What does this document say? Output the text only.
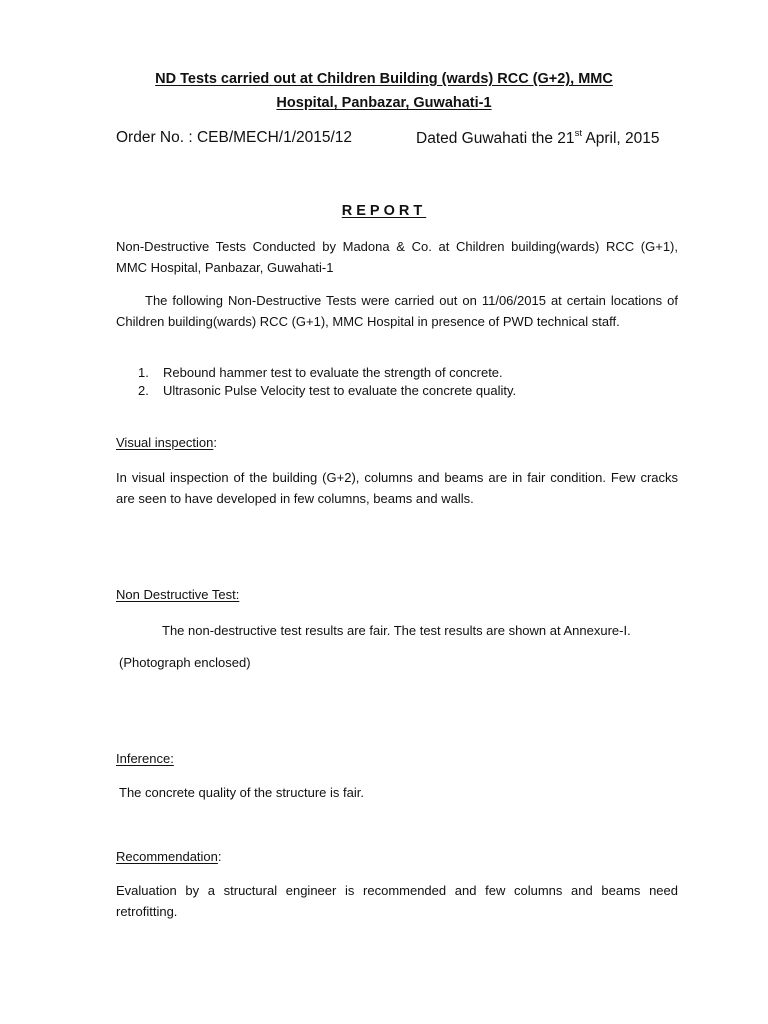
ND Tests carried out at Children Building (wards) RCC (G+2), MMC
Hospital, Panbazar, Guwahati-1
Order No. : CEB/MECH/1/2015/12	Dated Guwahati the 21st April, 2015
REPORT
Non-Destructive Tests Conducted by Madona & Co. at Children building(wards) RCC (G+1), MMC Hospital, Panbazar, Guwahati-1
The following Non-Destructive Tests were carried out on 11/06/2015 at certain locations of Children building(wards) RCC (G+1), MMC Hospital in presence of PWD technical staff.
1. Rebound hammer test to evaluate the strength of concrete.
2. Ultrasonic Pulse Velocity test to evaluate the concrete quality.
Visual inspection:
In visual inspection of the building (G+2), columns and beams are in fair condition. Few cracks are seen to have developed in few columns, beams and walls.
Non Destructive Test:
The non-destructive test results are fair. The test results are shown at Annexure-I.
(Photograph enclosed)
Inference:
The concrete quality of the structure is fair.
Recommendation:
Evaluation by a structural engineer is recommended and few columns and beams need retrofitting.
